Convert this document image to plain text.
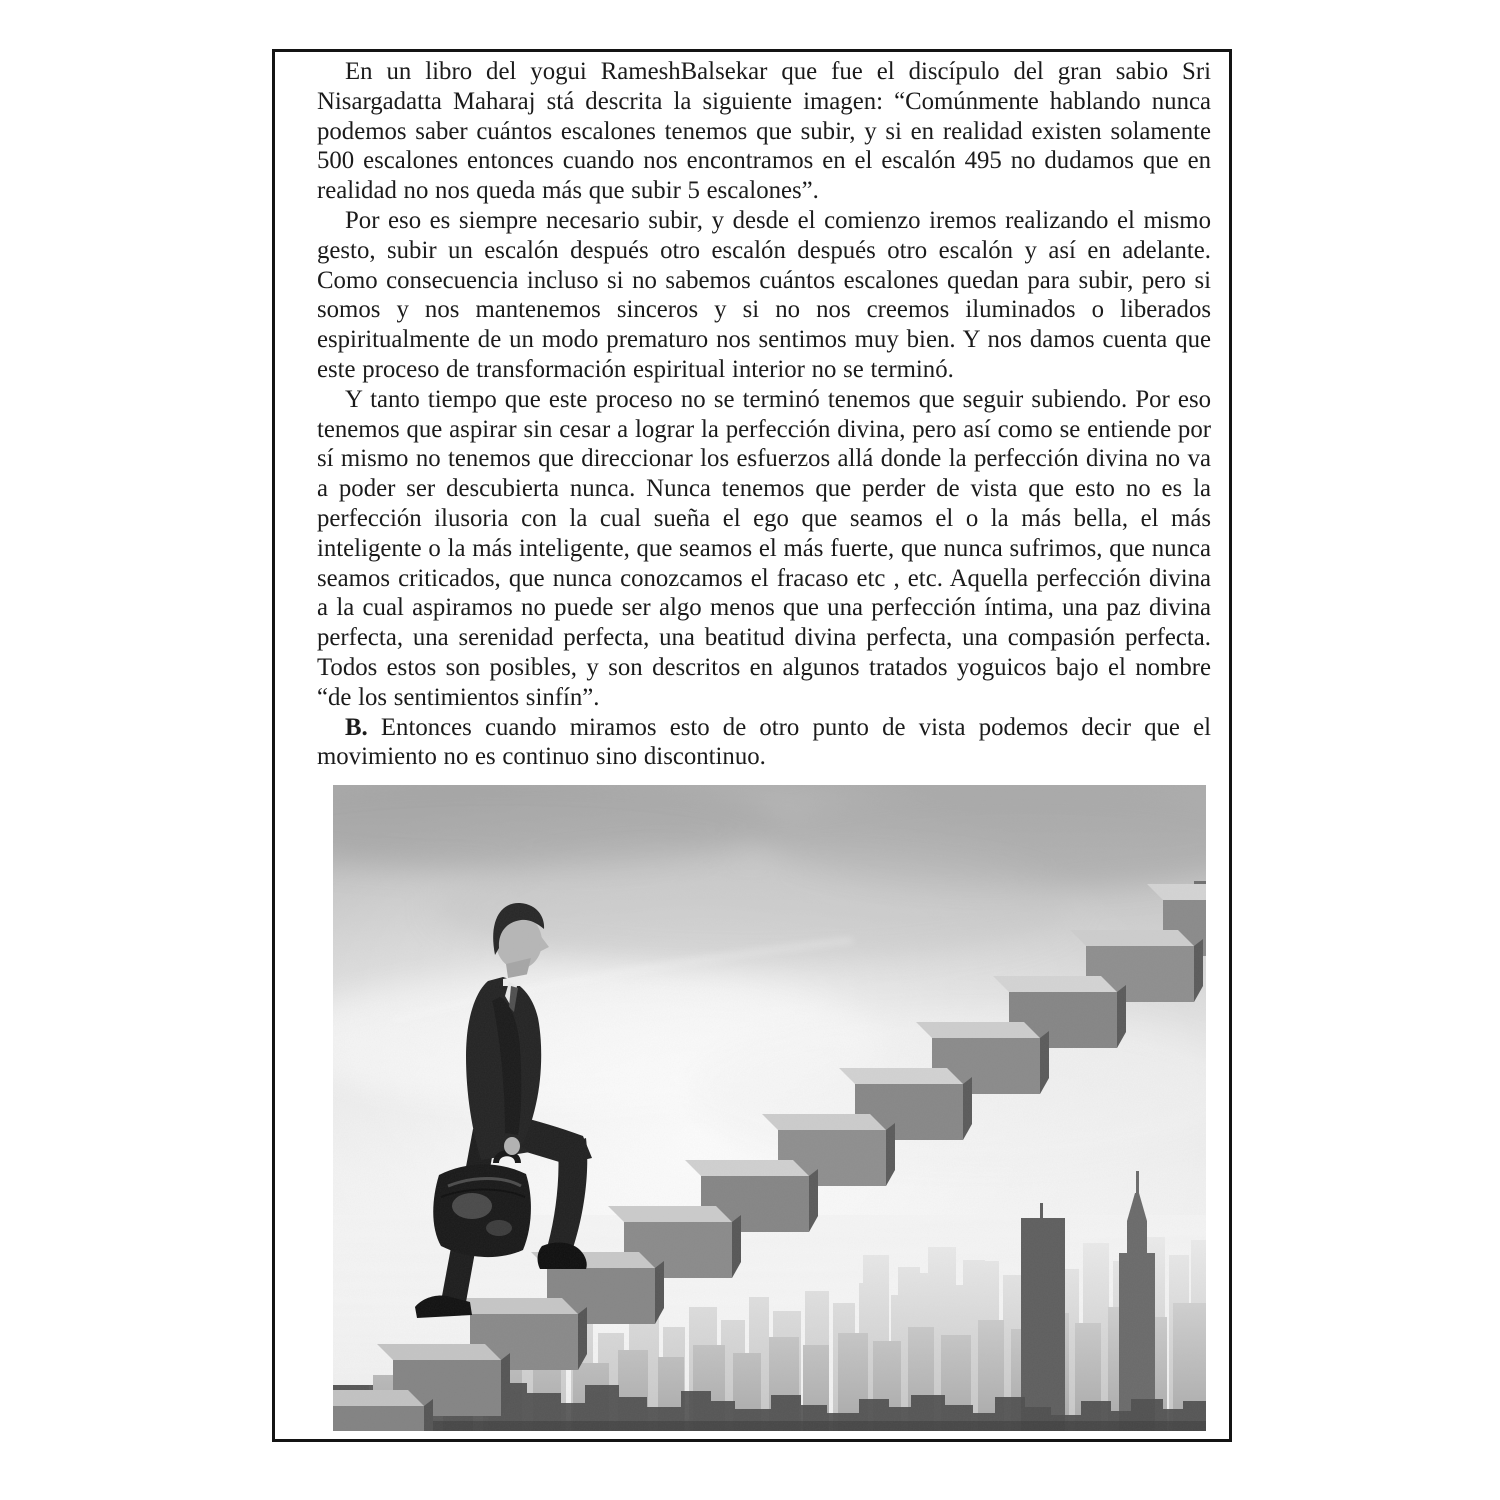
En un libro del yogui RameshBalsekar que fue el discípulo del gran sabio Sri Nisargadatta Maharaj stá descrita la siguiente imagen: “Comúnmente hablando nunca podemos saber cuántos escalones tenemos que subir, y si en realidad existen solamente 500 escalones entonces cuando nos encontramos en el escalón 495 no dudamos que en realidad no nos queda más que subir 5 escalones”.

Por eso es siempre necesario subir, y desde el comienzo iremos realizando el mismo gesto, subir un escalón después otro escalón después otro escalón y así en adelante. Como consecuencia incluso si no sabemos cuántos escalones quedan para subir, pero si somos y nos mantenemos sinceros y si no nos creemos iluminados o liberados espiritualmente de un modo prematuro nos sentimos muy bien. Y nos damos cuenta que este proceso de transformación espiritual interior no se terminó.

Y tanto tiempo que este proceso no se terminó tenemos que seguir subiendo. Por eso tenemos que aspirar sin cesar a lograr la perfección divina, pero así como se entiende por sí mismo no tenemos que direccionar los esfuerzos allá donde la perfección divina no va a poder ser descubierta nunca. Nunca tenemos que perder de vista que esto no es la perfección ilusoria con la cual sueña el ego que seamos el o la más bella, el más inteligente o la más inteligente, que seamos el más fuerte, que nunca sufrimos, que nunca seamos criticados, que nunca conozcamos el fracaso etc , etc. Aquella perfección divina a la cual aspiramos no puede ser algo menos que una perfección íntima, una paz divina perfecta, una serenidad perfecta, una beatitud divina perfecta, una compasión perfecta. Todos estos son posibles, y son descritos en algunos tratados yoguicos bajo el nombre “de los sentimientos sinfín”.

B. Entonces cuando miramos esto de otro punto de vista podemos decir que el movimiento no es continuo sino discontinuo.
